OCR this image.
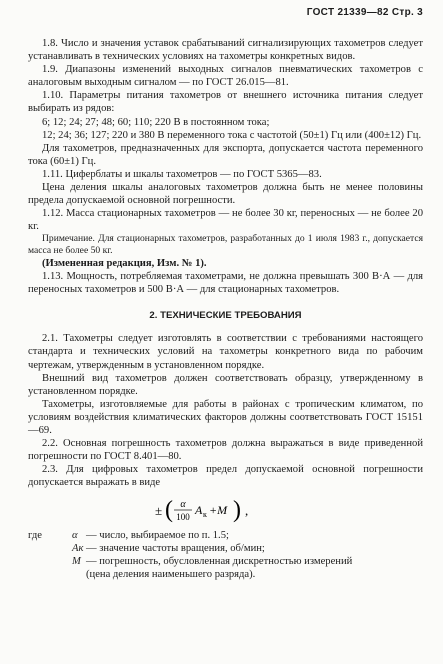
ГОСТ 21339—82 Стр. 3
1.8. Число и значения уставок срабатываний сигнализирующих тахометров следует устанавливать в технических условиях на тахометры конкретных видов.
1.9. Диапазоны изменений выходных сигналов пневматических тахометров с аналоговым выходным сигналом — по ГОСТ 26.015—81.
1.10. Параметры питания тахометров от внешнего источника питания следует выбирать из рядов:
6; 12; 24; 27; 48; 60; 110; 220 В в постоянном тока;
12; 24; 36; 127; 220 и 380 В переменного тока с частотой (50±1) Гц или (400±12) Гц.
Для тахометров, предназначенных для экспорта, допускается частота переменного тока (60±1) Гц.
1.11. Циферблаты и шкалы тахометров — по ГОСТ 5365—83.
Цена деления шкалы аналоговых тахометров должна быть не менее половины предела допускаемой основной погрешности.
1.12. Масса стационарных тахометров — не более 30 кг, переносных — не более 20 кг.
Примечание. Для стационарных тахометров, разработанных до 1 июля 1983 г., допускается масса не более 50 кг.
(Измененная редакция, Изм. № 1).
1.13. Мощность, потребляемая тахометрами, не должна превышать 300 В·А — для переносных тахометров и 500 В·А — для стационарных тахометров.
2. ТЕХНИЧЕСКИЕ ТРЕБОВАНИЯ
2.1. Тахометры следует изготовлять в соответствии с требованиями настоящего стандарта и технических условий на тахометры конкретного вида по рабочим чертежам, утвержденным в установленном порядке.
Внешний вид тахометров должен соответствовать образцу, утвержденному в установленном порядке.
Тахометры, изготовляемые для работы в районах с тропическим климатом, по условиям воздействия климатических факторов должны соответствовать ГОСТ 15151—69.
2.2. Основная погрешность тахометров должна выражаться в виде приведенной погрешности по ГОСТ 8.401—80.
2.3. Для цифровых тахометров предел допускаемой основной погрешности допускается выражать в виде
± ( α
100 A к +M ) ,
где	α — число, выбираемое по п. 1.5;
Aк — значение частоты вращения, об/мин;
M — погрешность, обусловленная дискретностью измерений
(цена деления наименьшего разряда).
